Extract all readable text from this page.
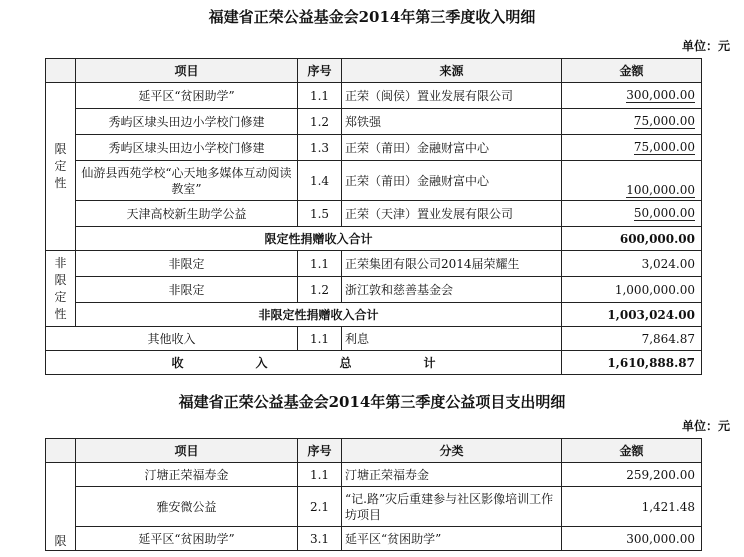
福建省正荣公益基金会2014年第三季度收入明细
单位：元
	项目	序号	来源	金额

限
定
性	延平区“贫困助学”	1.1	正荣（闽侯）置业发展有限公司	300,000.00
	秀屿区埭头田边小学校门修建	1.2	郑铁强	75,000.00
	秀屿区埭头田边小学校门修建	1.3	正荣（莆田）金融财富中心	75,000.00
	仙游县西苑学校“心天地多媒体互动阅读教室”	1.4	正荣（莆田）金融财富中心	100,000.00
	天津高校新生助学公益	1.5	正荣（天津）置业发展有限公司	50,000.00
	限定性捐赠收入合计			600,000.00

非
限
定
性	非限定	1.1	正荣集团有限公司2014届荣耀生	3,024.00
	非限定	1.2	浙江敦和慈善基金会	1,000,000.00
	非限定性捐赠收入合计			1,003,024.00
其他收入		1.1	利息	7,864.87
收 入 总 计				1,610,888.87
福建省正荣公益基金会2014年第三季度公益项目支出明细
单位：元
	项目	序号	分类	金额
限	汀塘正荣福寿金	1.1	汀塘正荣福寿金	259,200.00
	雅安微公益	2.1	“记.路”灾后重建参与社区影像培训工作坊项目	1,421.48
	延平区“贫困助学”	3.1	延平区“贫困助学”	300,000.00
